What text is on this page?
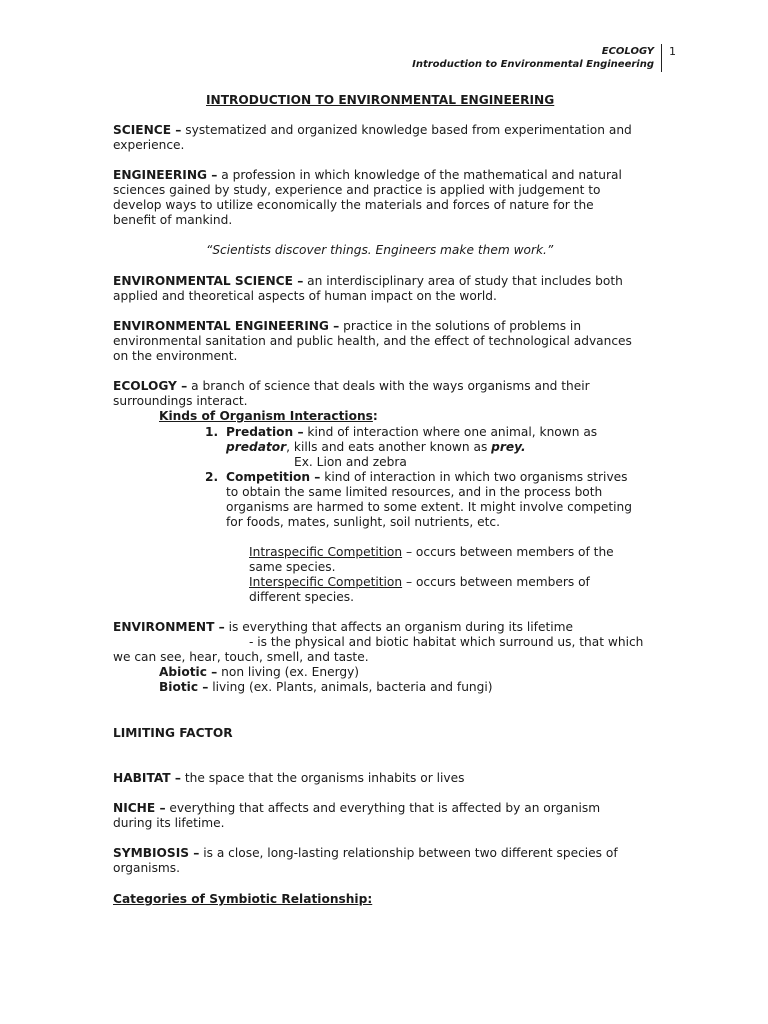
ECOLOGY
Introduction to Environmental Engineering
1
INTRODUCTION TO ENVIRONMENTAL ENGINEERING
SCIENCE – systematized and organized knowledge based from experimentation and
experience.
ENGINEERING – a profession in which knowledge of the mathematical and natural
sciences gained by study, experience and practice is applied with judgement to
develop ways to utilize economically the materials and forces of nature for the
benefit of mankind.
“Scientists discover things. Engineers make them work.”
ENVIRONMENTAL SCIENCE – an interdisciplinary area of study that includes both
applied and theoretical aspects of human impact on the world.
ENVIRONMENTAL ENGINEERING – practice in the solutions of problems in
environmental sanitation and public health, and the effect of technological advances
on the environment.
ECOLOGY – a branch of science that deals with the ways organisms and their
surroundings interact.
Kinds of Organism Interactions:
1. Predation – kind of interaction where one animal, known as
predator, kills and eats another known as prey.
Ex. Lion and zebra
2. Competition – kind of interaction in which two organisms strives
to obtain the same limited resources, and in the process both
organisms are harmed to some extent. It might involve competing
for foods, mates, sunlight, soil nutrients, etc.
Intraspecific Competition – occurs between members of the
same species.
Interspecific Competition – occurs between members of
different species.
ENVIRONMENT – is everything that affects an organism during its lifetime
- is the physical and biotic habitat which surround us, that which
we can see, hear, touch, smell, and taste.
Abiotic – non living (ex. Energy)
Biotic – living (ex. Plants, animals, bacteria and fungi)
LIMITING FACTOR
HABITAT – the space that the organisms inhabits or lives
NICHE – everything that affects and everything that is affected by an organism
during its lifetime.
SYMBIOSIS – is a close, long-lasting relationship between two different species of
organisms.
Categories of Symbiotic Relationship:
